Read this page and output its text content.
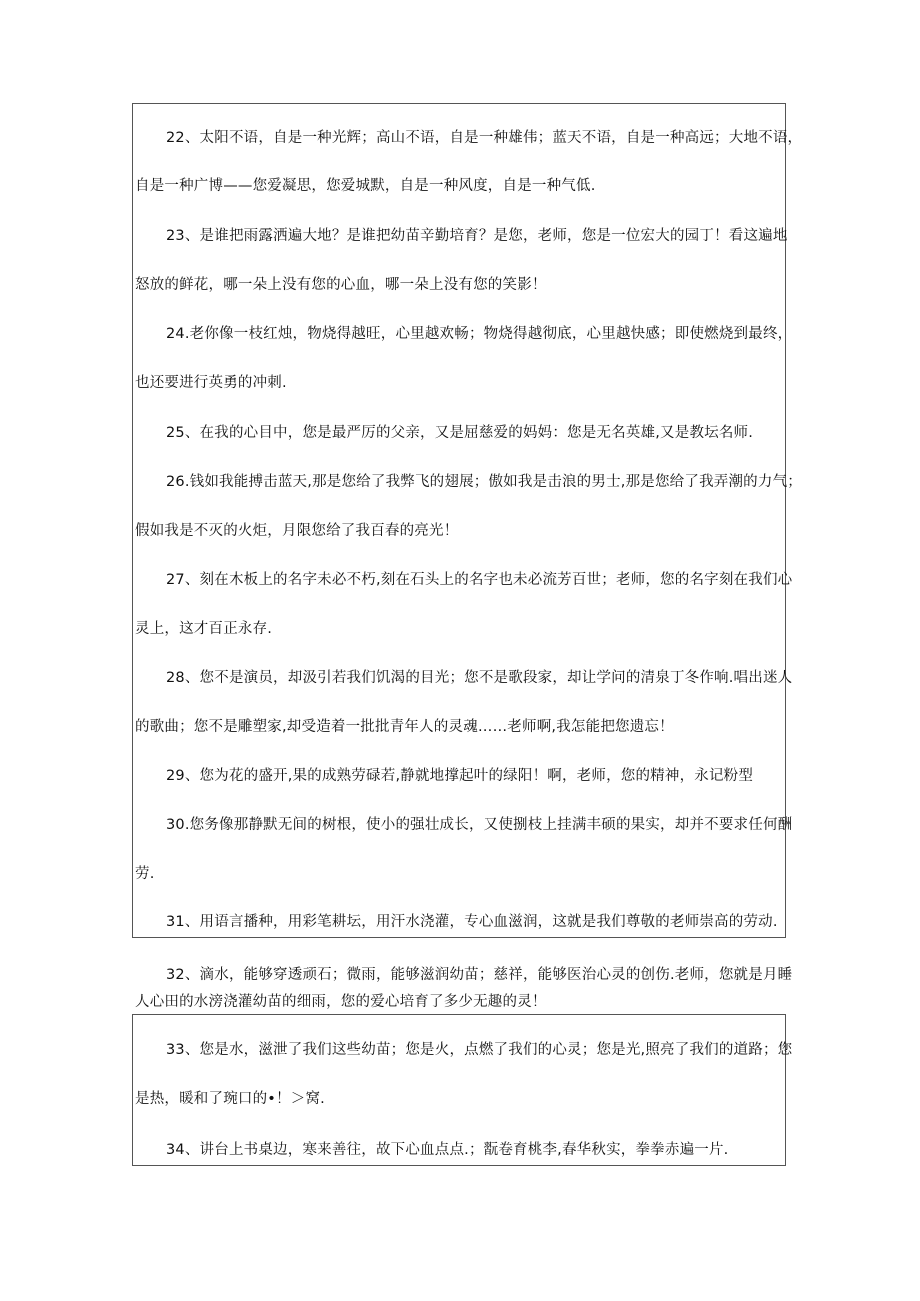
22、太阳不语，自是一种光辉；高山不语，自是一种雄伟；蓝天不语，自是一种高远；大地不语，
自是一种广博——您爱凝思，您爱城默，自是一种风度，自是一种气低.
23、是谁把雨露洒遍大地？是谁把幼苗辛勤培育？是您，老师，您是一位宏大的园丁！看这遍地
怒放的鲜花，哪一朵上没有您的心血，哪一朵上没有您的笑影！
24.老你像一枝红烛，物烧得越旺，心里越欢畅；物烧得越彻底，心里越快感；即使燃烧到最终，
也还要进行英勇的冲刺.
25、在我的心目中，您是最严厉的父亲，又是屈慈爱的妈妈：您是无名英雄,又是教坛名师.
26.钱如我能搏击蓝天,那是您给了我弊飞的翅展；傲如我是击浪的男士,那是您给了我弄潮的力气；
假如我是不灭的火炬，月限您给了我百春的亮光！
27、刻在木板上的名字未必不朽,刻在石头上的名字也未必流芳百世；老师，您的名字刻在我们心
灵上，这才百正永存.
28、您不是演员，却汲引若我们饥渴的目光；您不是歌段家，却让学问的清泉丁冬作响.唱出迷人
的歌曲；您不是雕塑家,却受造着一批批青年人的灵魂……老师啊,我怎能把您遗忘！
29、您为花的盛开,果的成熟劳碌若,静就地撑起叶的绿阳！啊，老师，您的精神，永记粉型
30.您务像那静默无间的树根，使小的强壮成长，又使捌枝上挂满丰硕的果实，却并不要求任何酬
劳.
31、用语言播种，用彩笔耕坛，用汗水浇灌，专心血滋润，这就是我们尊敬的老师崇高的劳动.
32、滴水，能够穿透顽石；微雨，能够滋润幼苗；慈祥，能够医治心灵的创伤.老师，您就是月睡
人心田的水滂浇灌幼苗的细雨，您的爱心培育了多少无趣的灵！
33、您是水，滋泄了我们这些幼苗；您是火，点燃了我们的心灵；您是光,照亮了我们的道路；您
是热，暖和了琬口的•！＞窝.
34、讲台上书桌边，寒来善往，故下心血点点.；翫卷育桃李,春华秋实，拳拳赤遍一片.
